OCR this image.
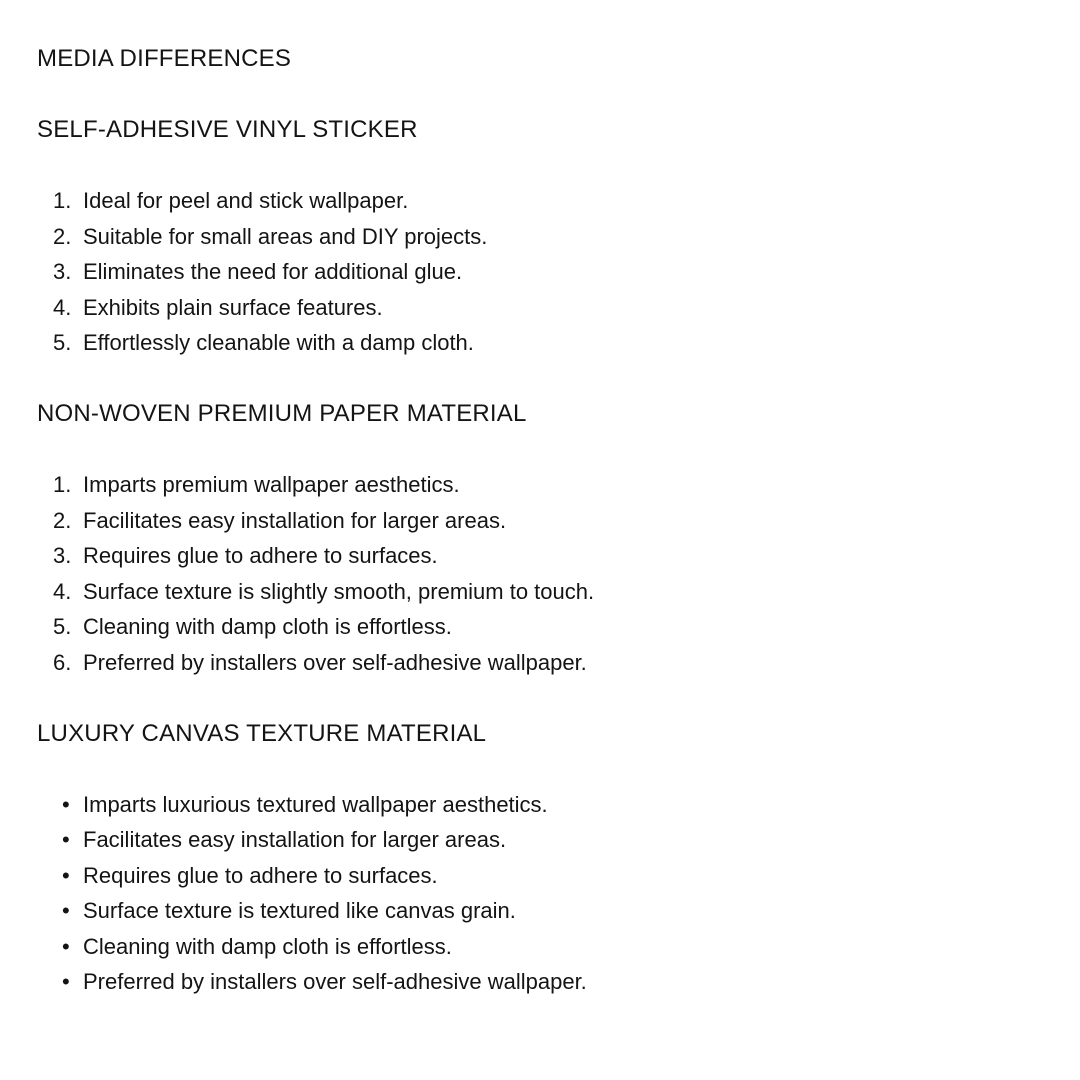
MEDIA DIFFERENCES
SELF-ADHESIVE VINYL STICKER
Ideal for peel and stick wallpaper.
Suitable for small areas and DIY projects.
Eliminates the need for additional glue.
Exhibits plain surface features.
Effortlessly cleanable with a damp cloth.
NON-WOVEN PREMIUM PAPER MATERIAL
Imparts premium wallpaper aesthetics.
Facilitates easy installation for larger areas.
Requires glue to adhere to surfaces.
Surface texture is slightly smooth, premium to touch.
Cleaning with damp cloth is effortless.
Preferred by installers over self-adhesive wallpaper.
LUXURY CANVAS TEXTURE MATERIAL
• Imparts luxurious textured wallpaper aesthetics.
• Facilitates easy installation for larger areas.
• Requires glue to adhere to surfaces.
• Surface texture is textured like canvas grain.
• Cleaning with damp cloth is effortless.
• Preferred by installers over self-adhesive wallpaper.
